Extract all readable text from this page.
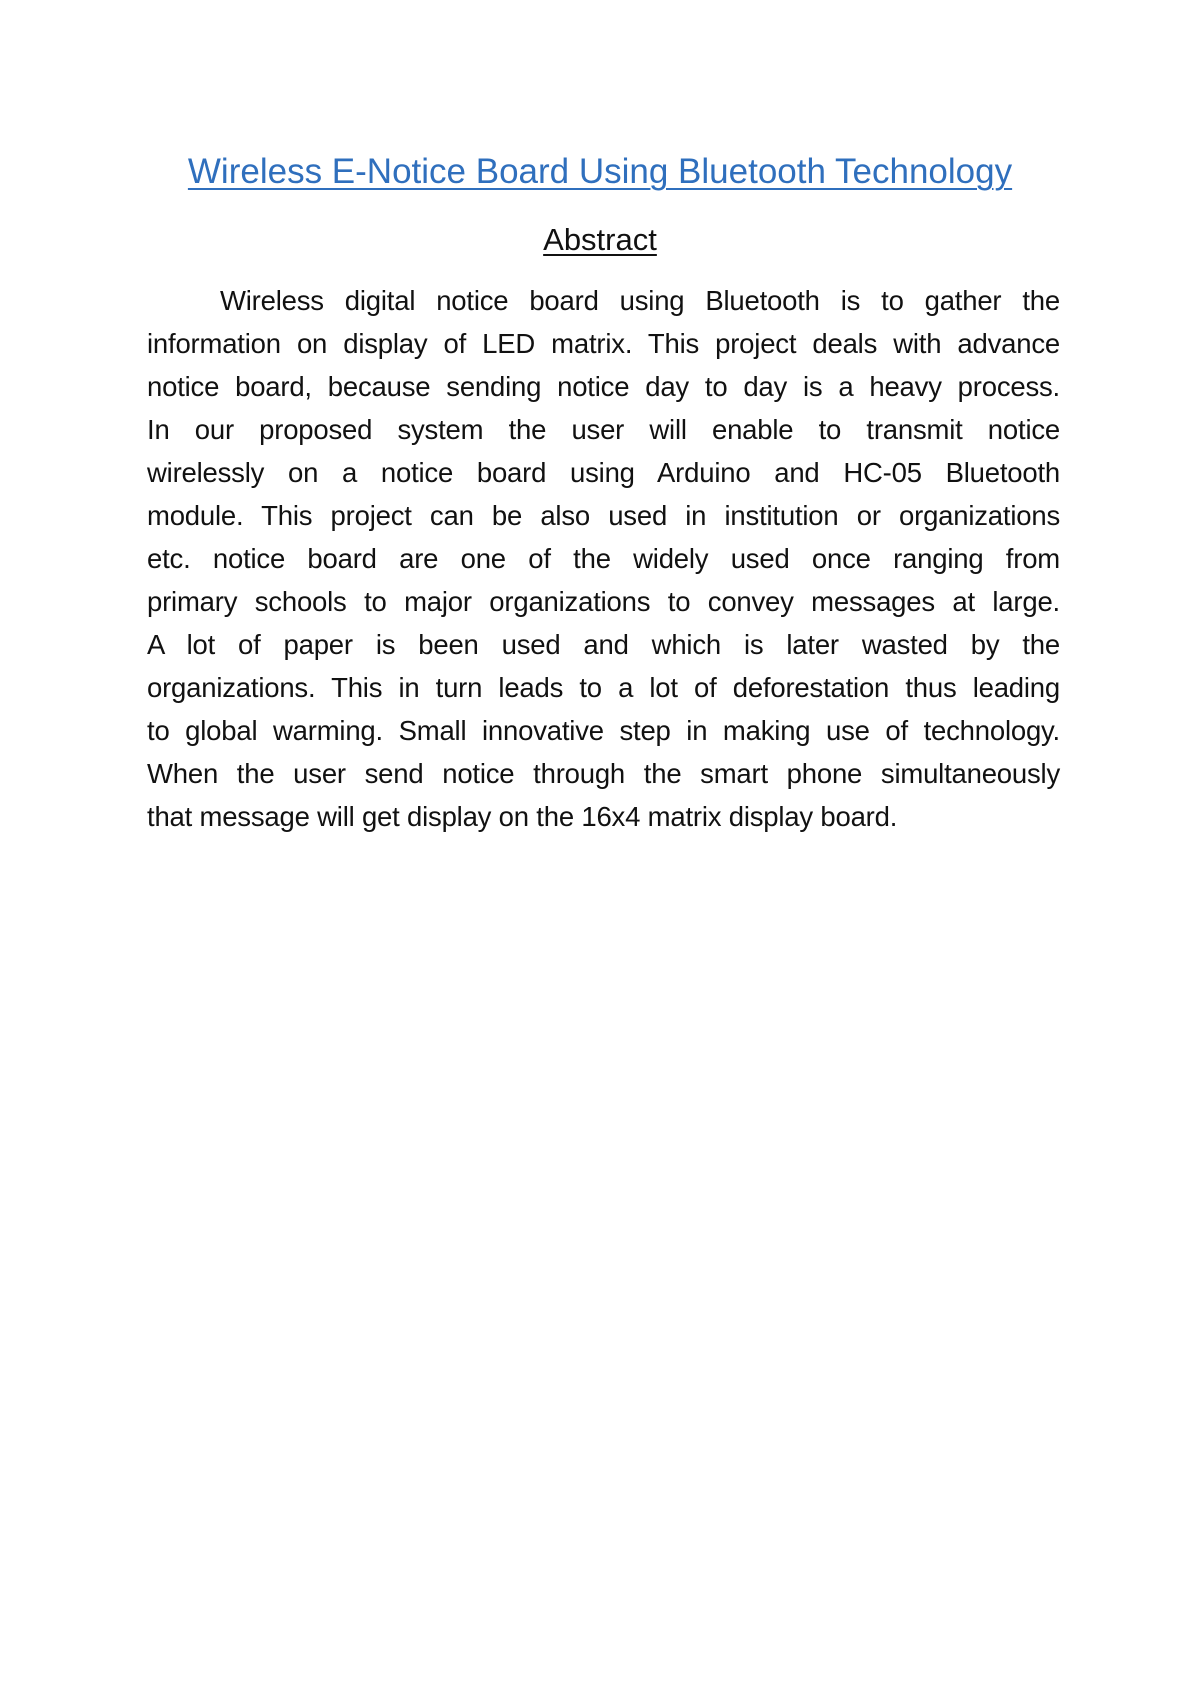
Wireless E-Notice Board Using Bluetooth Technology
Abstract
Wireless digital notice board using Bluetooth is to gather the
information on display of LED matrix. This project deals with advance
notice board, because sending notice day to day is a heavy process.
In our proposed system the user will enable to transmit notice
wirelessly on a notice board using Arduino and HC-05 Bluetooth
module. This project can be also used in institution or organizations
etc. notice board are one of the widely used once ranging from
primary schools to major organizations to convey messages at large.
A lot of paper is been used and which is later wasted by the
organizations. This in turn leads to a lot of deforestation thus leading
to global warming. Small innovative step in making use of technology.
When the user send notice through the smart phone simultaneously
that message will get display on the 16x4 matrix display board.
